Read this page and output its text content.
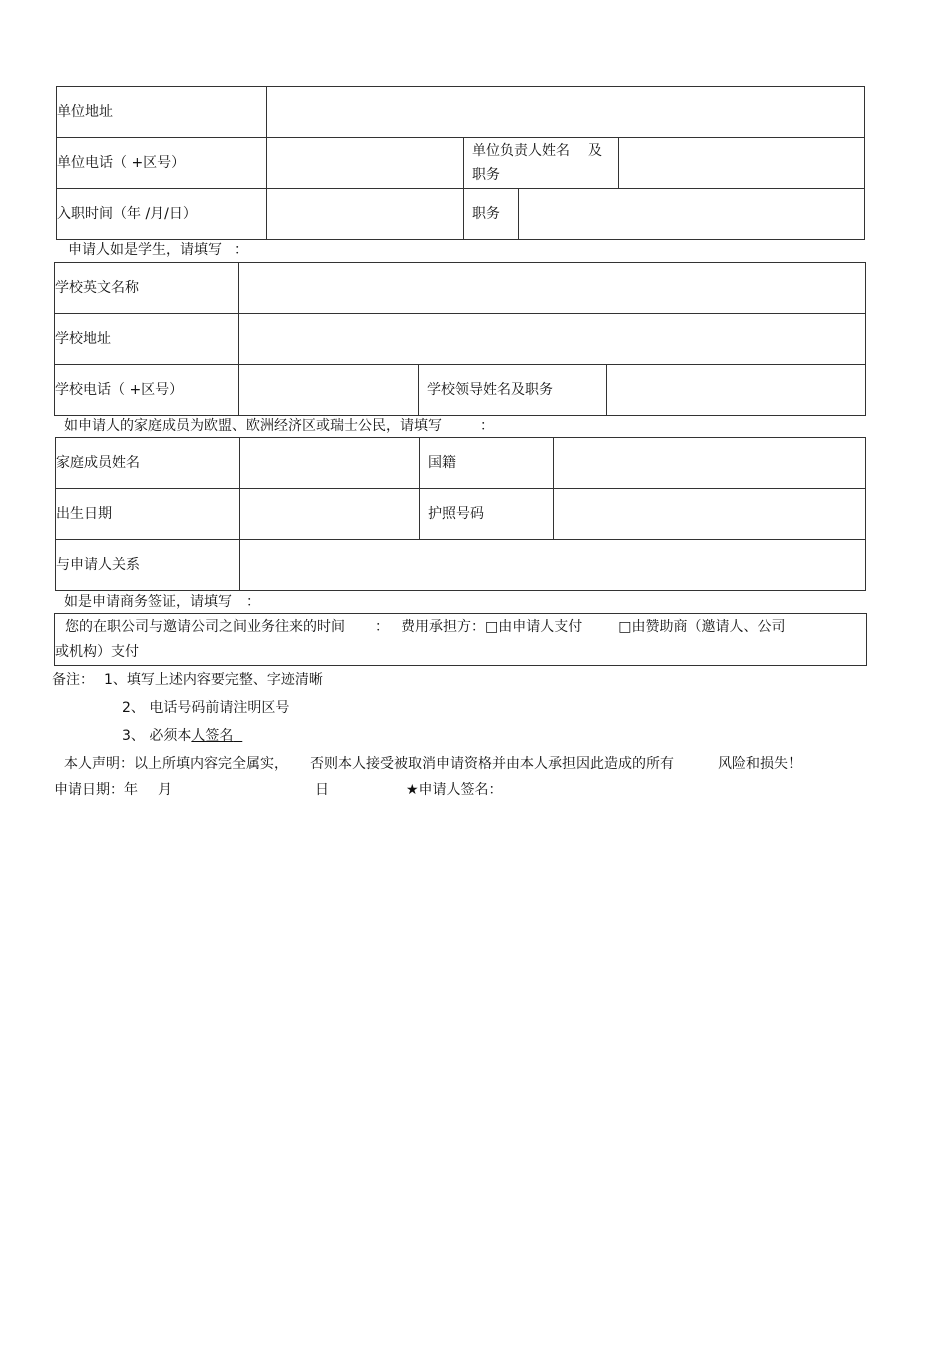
单位地址				
单位电话（ +区号）		单位负责人姓名 及
职务		
入职时间（年 /月/日）		职务		
申请人如是学生，请填写 ：
学校英文名称			
学校地址			
学校电话（ +区号）		学校领导姓名及职务	
如申请人的家庭成员为欧盟、欧洲经济区或瑞士公民，请填写	：
家庭成员姓名		国籍	
出生日期		护照号码	
与申请人关系			
如是申请商务签证，请填写 ：
您的在职公司与邀请公司之间业务往来的时间 ： 费用承担方：□由申请人支付	□由赞助商（邀请人、公司
或机构）支付
备注： 1、填写上述内容要完整、字迹清晰
2、 电话号码前请注明区号
3、 必须本人签名
本人声明：以上所填内容完全属实， 否则本人接受被取消申请资格并由本人承担因此造成的所有	风险和损失！
申请日期：年 月	日	★申请人签名：
